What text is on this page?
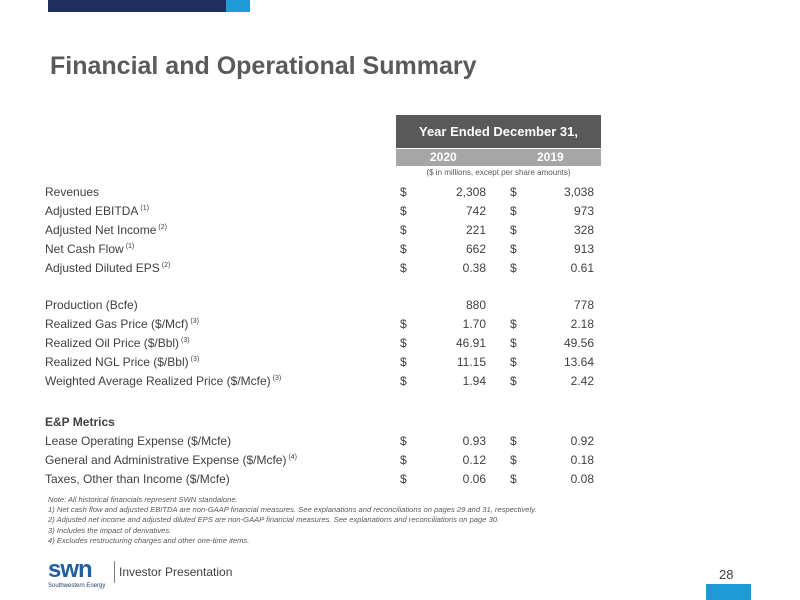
Financial and Operational Summary
Year Ended December 31,
2020	2019
($ in millions, except per share amounts)
Revenues	$	2,308 $	3,038
Adjusted EBITDA $^{(1)}$	$	742 $	973
Adjusted Net Income $^{(2)}$	$	221 $	328
Net Cash Flow $^{(1)}$	$	662 $	913
Adjusted Diluted EPS $^{(2)}$	$	0.38 $	0.61
Production (Bcfe)	880	778
Realized Gas Price ($/Mcf) $^{(3)}$	$	1.70 $	2.18
Realized Oil Price ($/Bbl) $^{(3)}$	$	46.91 $	49.56
Realized NGL Price ($/Bbl) $^{(3)}$	$	11.15 $	13.64
Weighted Average Realized Price ($/Mcfe) $^{(3)}$	$	1.94 $	2.42
E&P Metrics
Lease Operating Expense ($/Mcfe)	$	0.93 $	0.92
General and Administrative Expense ($/Mcfe) $^{(4)}$	$	0.12 $	0.18
Taxes, Other than Income ($/Mcfe)	$	0.06 $	0.08
Note: All historical financials represent SWN standalone.
1) Net cash flow and adjusted EBITDA are non-GAAP financial measures. See explanations and reconciliations on pages 29 and 31, respectively.
2) Adjusted net income and adjusted diluted EPS are non-GAAP financial measures. See explanations and reconciliations on page 30.
3) Includes the impact of derivatives.
4) Excludes restructuring charges and other one-time items.
swn
Southwestern Energy
Investor Presentation	28
